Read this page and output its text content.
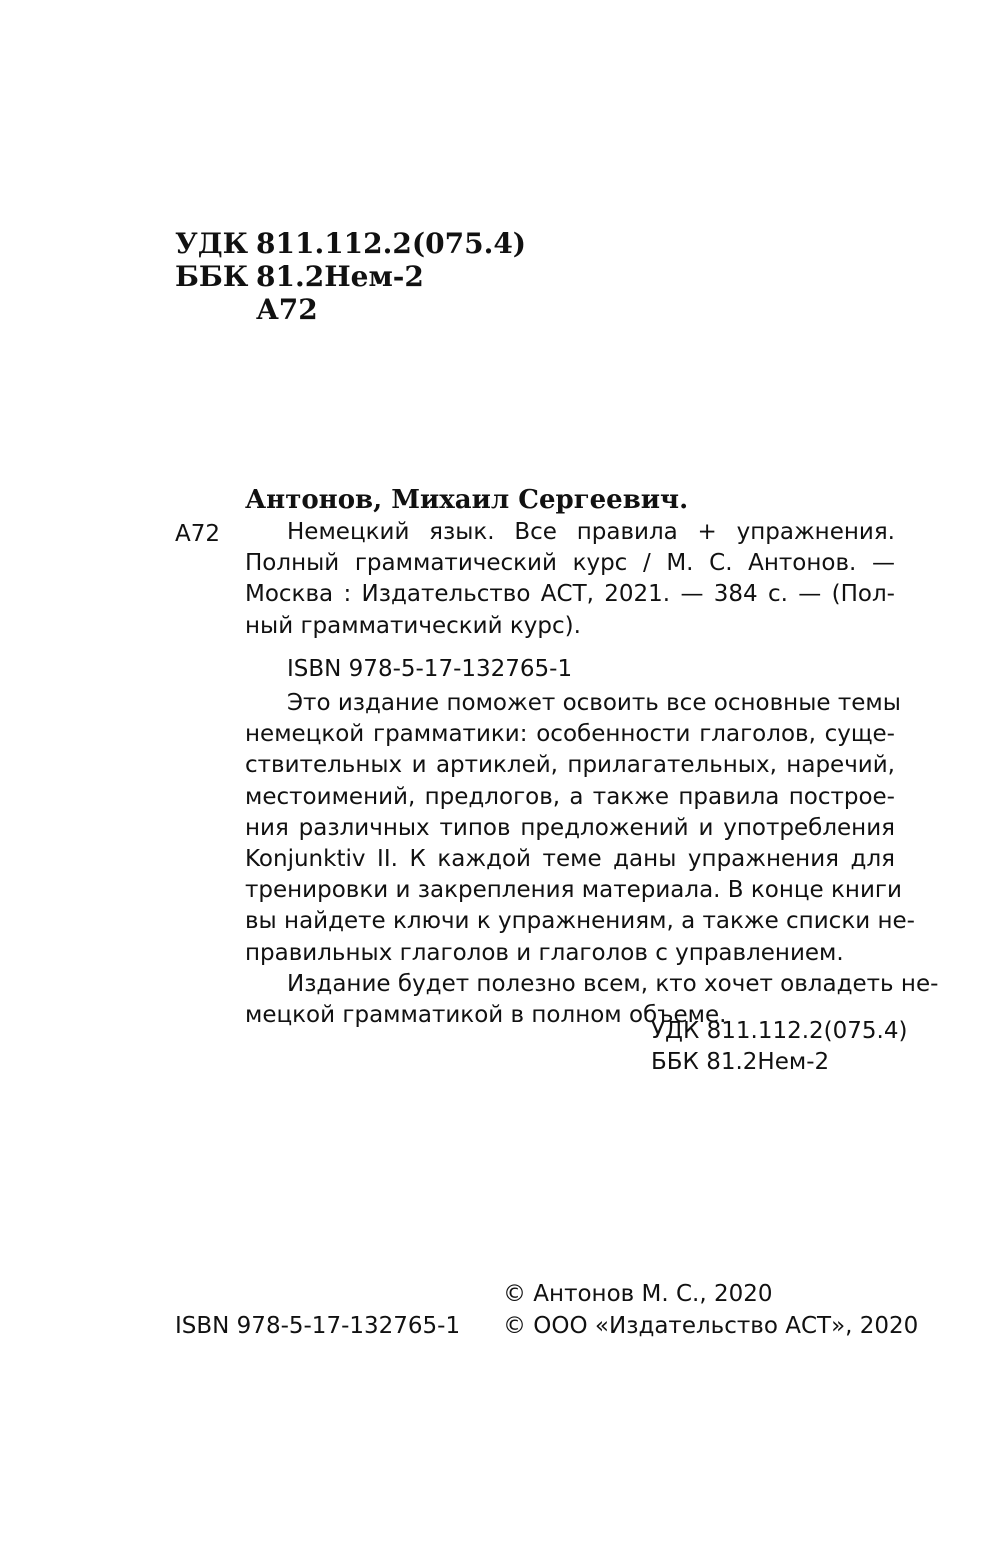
УДК 811.112.2(075.4)
ББК 81.2Нем-2
А72
Антонов, Михаил Сергеевич.
А72	Немецкий язык. Все правила + упражнения.
Полный грамматический курс / М. С. Антонов. —
Москва : Издательство АСТ, 2021. — 384 с. — (Пол-
ный грамматический курс).
ISBN 978-5-17-132765-1
Это издание поможет освоить все основные темы
немецкой грамматики: особенности глаголов, суще-
ствительных и артиклей, прилагательных, наречий,
местоимений, предлогов, а также правила построе-
ния различных типов предложений и употребления
Konjunktiv II. К каждой теме даны упражнения для
тренировки и закрепления материала. В конце книги
вы найдете ключи к упражнениям, а также списки не-
правильных глаголов и глаголов с управлением.
Издание будет полезно всем, кто хочет овладеть не-
мецкой грамматикой в полном объеме.
УДК 811.112.2(075.4)
ББК 81.2Нем-2
© Антонов М. С., 2020
ISBN 978-5-17-132765-1 © ООО «Издательство АСТ», 2020
